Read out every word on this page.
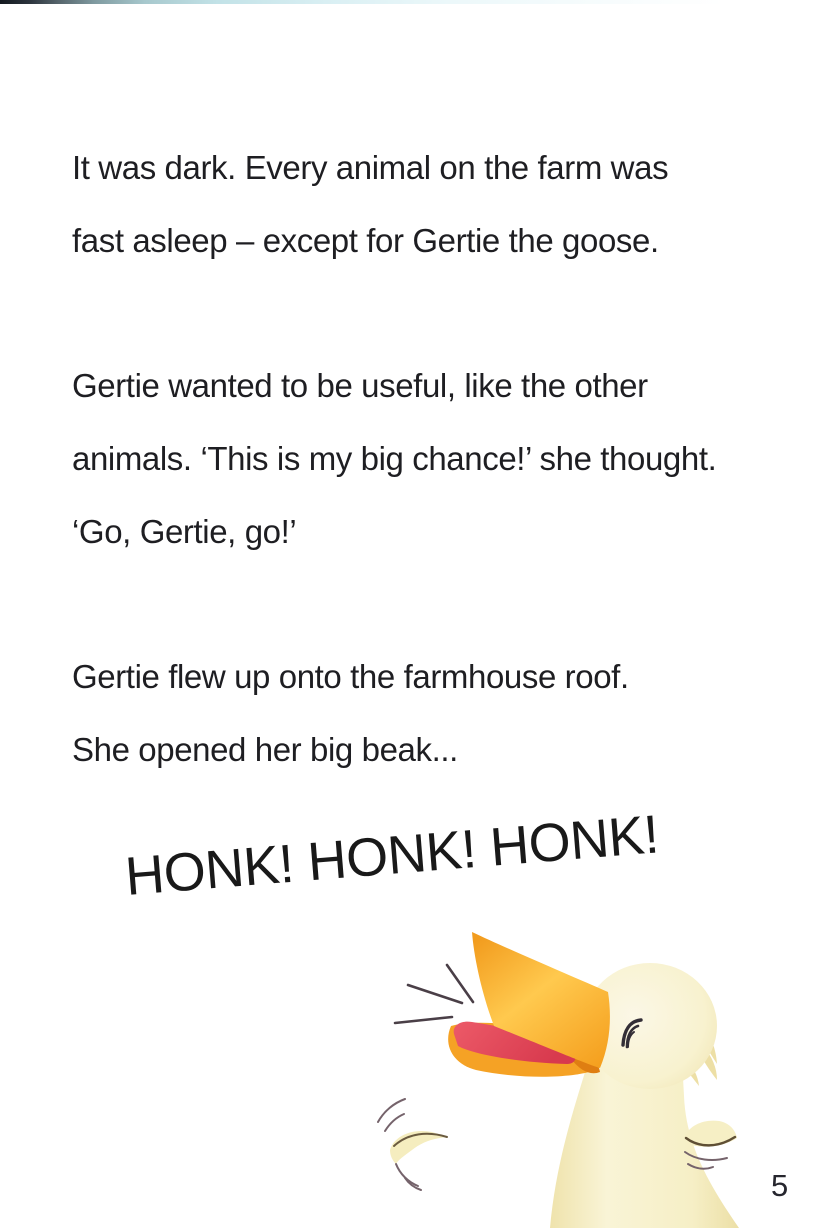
It was dark. Every animal on the farm was
fast asleep – except for Gertie the goose.

Gertie wanted to be useful, like the other
animals. ‘This is my big chance!’ she thought.
‘Go, Gertie, go!’

Gertie flew up onto the farmhouse roof.
She opened her big beak...

HONK! HONK! HONK!
5
